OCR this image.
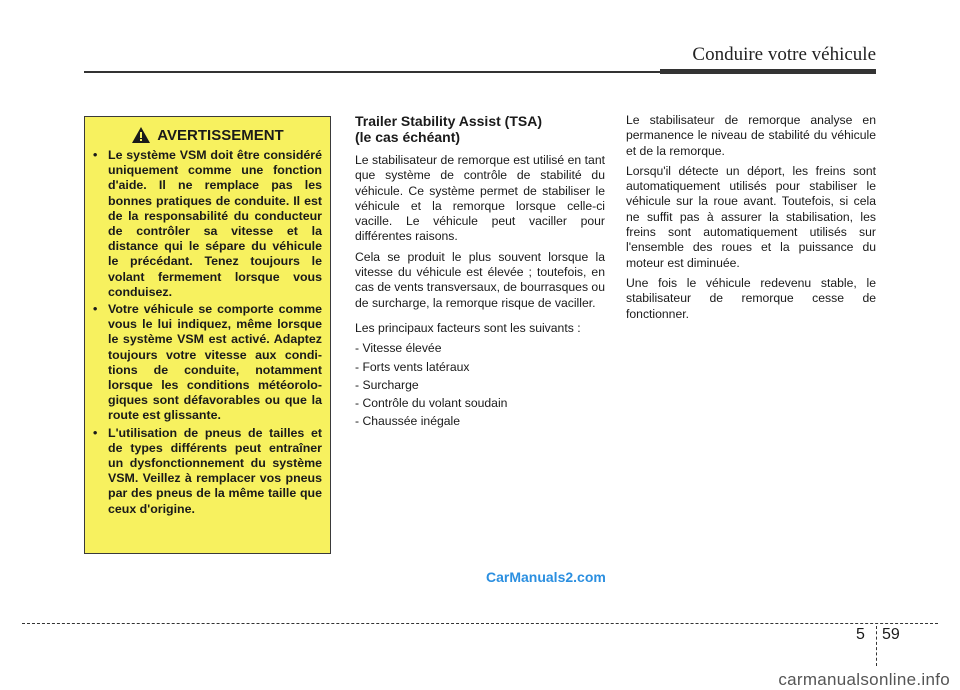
Conduire votre véhicule
AVERTISSEMENT
• Le système VSM doit être considéré uniquement comme une fonction d'aide. Il ne remplace pas les bonnes pratiques de conduite. Il est de la responsabilité du conducteur de contrôler sa vitesse et la distance qui le sépare du véhicule le précédant. Tenez toujours le volant fermement lorsque vous conduisez.
• Votre véhicule se comporte comme vous le lui indiquez, même lorsque le système VSM est activé. Adaptez toujours votre vitesse aux condi-tions de conduite, notamment lorsque les conditions météorolo-giques sont défavorables ou que la route est glissante.
• L'utilisation de pneus de tailles et de types différents peut entraîner un dysfonctionnement du système VSM. Veillez à remplacer vos pneus par des pneus de la même taille que ceux d'origine.
Trailer Stability Assist (TSA)
(le cas échéant)

Le stabilisateur de remorque est utilisé en tant que système de contrôle de stabilité du véhicule. Ce système permet de stabiliser le véhicule et la remorque lorsque celle-ci vacille. Le véhicule peut vaciller pour différentes raisons.

Cela se produit le plus souvent lorsque la vitesse du véhicule est élevée ; toutefois, en cas de vents transversaux, de bourrasques ou de surcharge, la remorque risque de vaciller.

Les principaux facteurs sont les suivants :

- Vitesse élevée
- Forts vents latéraux
- Surcharge
- Contrôle du volant soudain
- Chaussée inégale

Le stabilisateur de remorque analyse en permanence le niveau de stabilité du véhicule et de la remorque.

Lorsqu'il détecte un déport, les freins sont automatiquement utilisés pour stabiliser le véhicule sur la roue avant. Toutefois, si cela ne suffit pas à assurer la stabilisation, les freins sont automatiquement utilisés sur l'ensemble des roues et la puissance du moteur est diminuée.

Une fois le véhicule redevenu stable, le stabilisateur de remorque cesse de fonctionner.

CarManuals2.com
5 59
carmanualsonline.info
